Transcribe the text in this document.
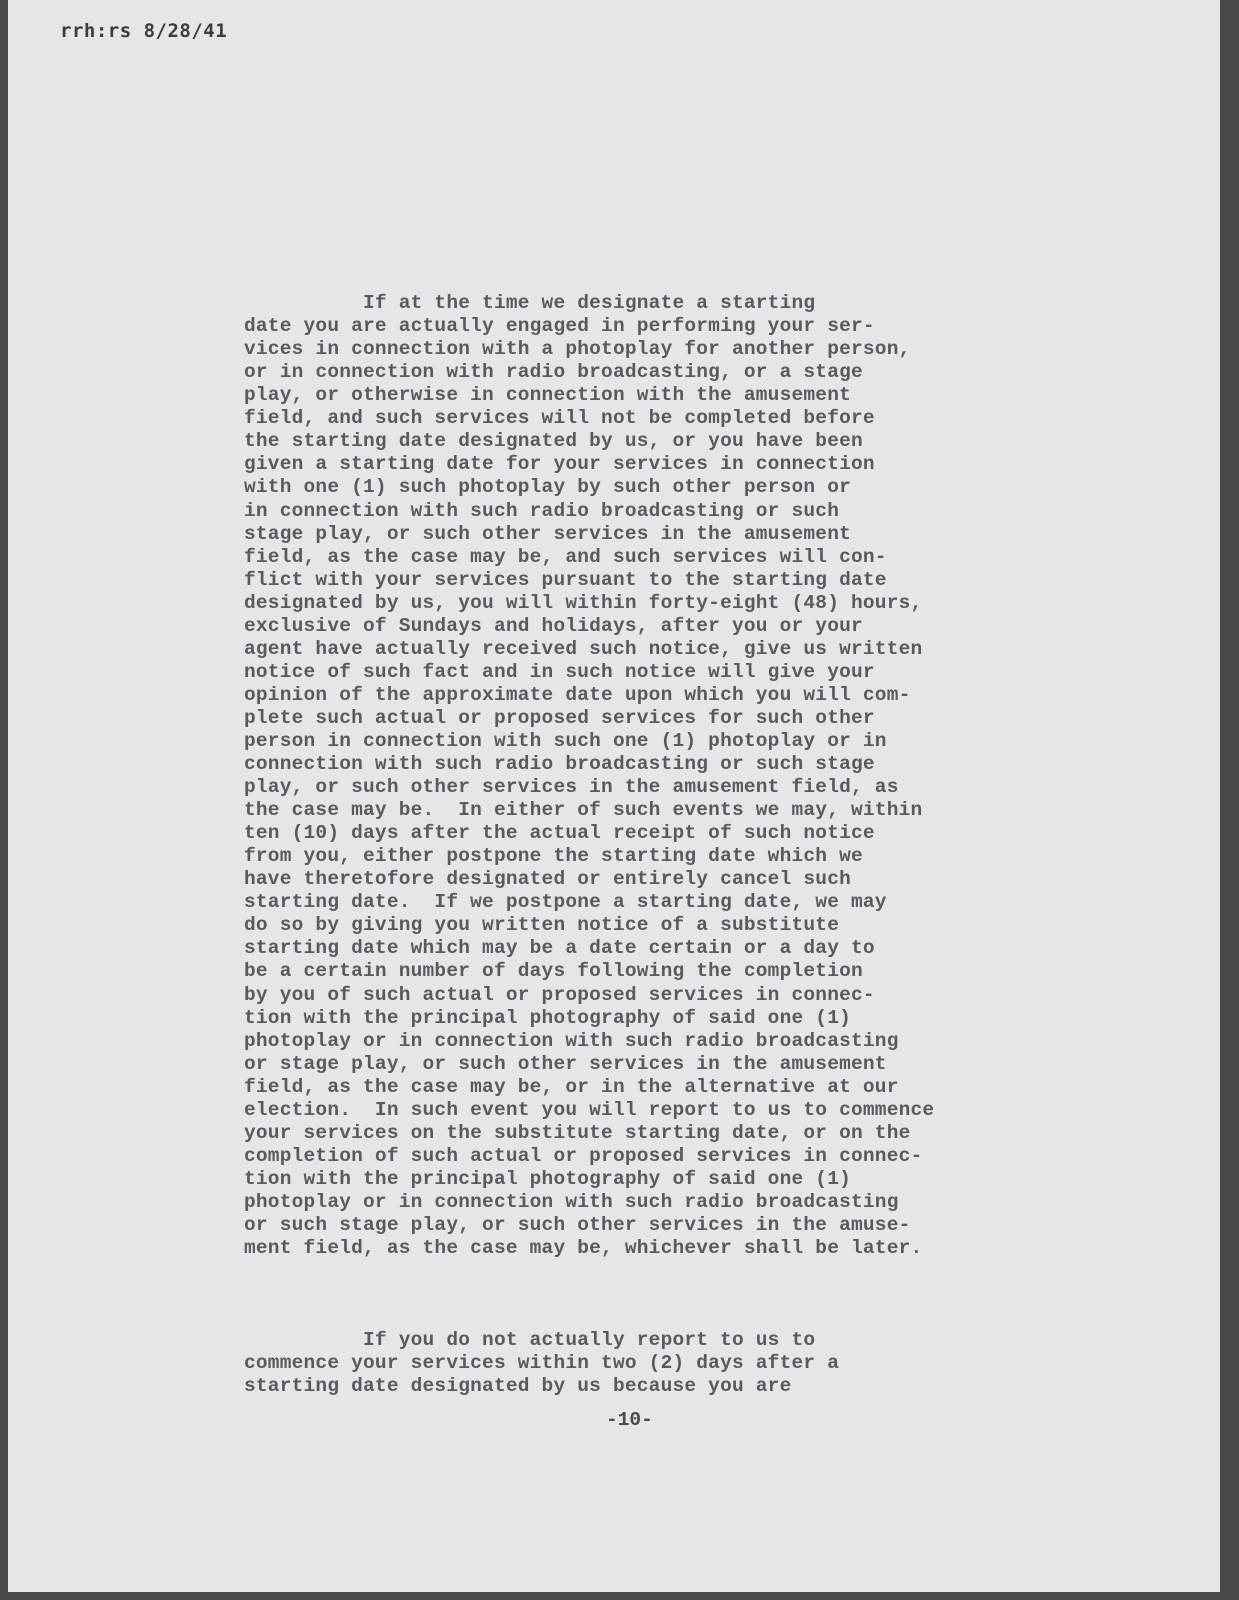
rrh:rs 8/28/41

If at the time we designate a starting
date you are actually engaged in performing your ser-
vices in connection with a photoplay for another person,
or in connection with radio broadcasting, or a stage
play, or otherwise in connection with the amusement
field, and such services will not be completed before
the starting date designated by us, or you have been
given a starting date for your services in connection
with one (1) such photoplay by such other person or
in connection with such radio broadcasting or such
stage play, or such other services in the amusement
field, as the case may be, and such services will con-
flict with your services pursuant to the starting date
designated by us, you will within forty-eight (48) hours,
exclusive of Sundays and holidays, after you or your
agent have actually received such notice, give us written
notice of such fact and in such notice will give your
opinion of the approximate date upon which you will com-
plete such actual or proposed services for such other
person in connection with such one (1) photoplay or in
connection with such radio broadcasting or such stage
play, or such other services in the amusement field, as
the case may be.  In either of such events we may, within
ten (10) days after the actual receipt of such notice
from you, either postpone the starting date which we
have theretofore designated or entirely cancel such
starting date.  If we postpone a starting date, we may
do so by giving you written notice of a substitute
starting date which may be a date certain or a day to
be a certain number of days following the completion
by you of such actual or proposed services in connec-
tion with the principal photography of said one (1)
photoplay or in connection with such radio broadcasting
or stage play, or such other services in the amusement
field, as the case may be, or in the alternative at our
election.  In such event you will report to us to commence
your services on the substitute starting date, or on the
completion of such actual or proposed services in connec-
tion with the principal photography of said one (1)
photoplay or in connection with such radio broadcasting
or such stage play, or such other services in the amuse-
ment field, as the case may be, whichever shall be later.

If you do not actually report to us to
commence your services within two (2) days after a
starting date designated by us because you are

-10-
